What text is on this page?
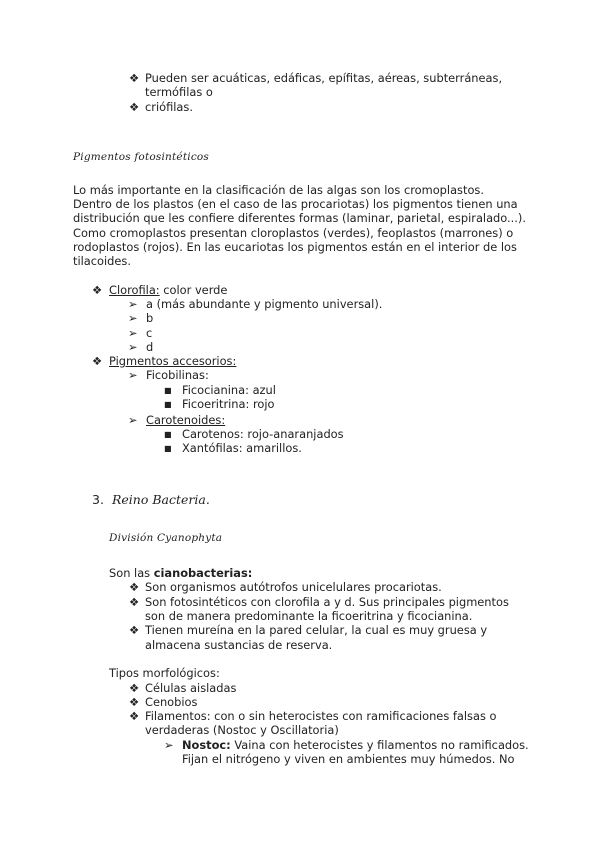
❖ Pueden ser acuáticas, edáficas, epífitas, aéreas, subterráneas,
termófilas o
❖ criófilas.
Pigmentos fotosintéticos
Lo más importante en la clasificación de las algas son los cromoplastos.
Dentro de los plastos (en el caso de las procariotas) los pigmentos tienen una
distribución que les confiere diferentes formas (laminar, parietal, espiralado...).
Como cromoplastos presentan cloroplastos (verdes), feoplastos (marrones) o
rodoplastos (rojos). En las eucariotas los pigmentos están en el interior de los
tilacoides.
❖ Clorofila: color verde
➢ a (más abundante y pigmento universal).
➢ b
➢ c
➢ d
❖ Pigmentos accesorios:
➢ Ficobilinas:
■ Ficocianina: azul
■ Ficoeritrina: rojo
➢ Carotenoides:
■ Carotenos: rojo-anaranjados
■ Xantófilas: amarillos.
3. Reino Bacteria.
División Cyanophyta
Son las cianobacterias:
❖ Son organismos autótrofos unicelulares procariotas.
❖ Son fotosintéticos con clorofila a y d. Sus principales pigmentos
son de manera predominante la ficoeritrina y ficocianina.
❖ Tienen mureína en la pared celular, la cual es muy gruesa y
almacena sustancias de reserva.
Tipos morfológicos:
❖ Células aisladas
❖ Cenobios
❖ Filamentos: con o sin heterocistes con ramificaciones falsas o
verdaderas (Nostoc y Oscillatoria)
➢ Nostoc: Vaina con heterocistes y filamentos no ramificados.
Fijan el nitrógeno y viven en ambientes muy húmedos. No
